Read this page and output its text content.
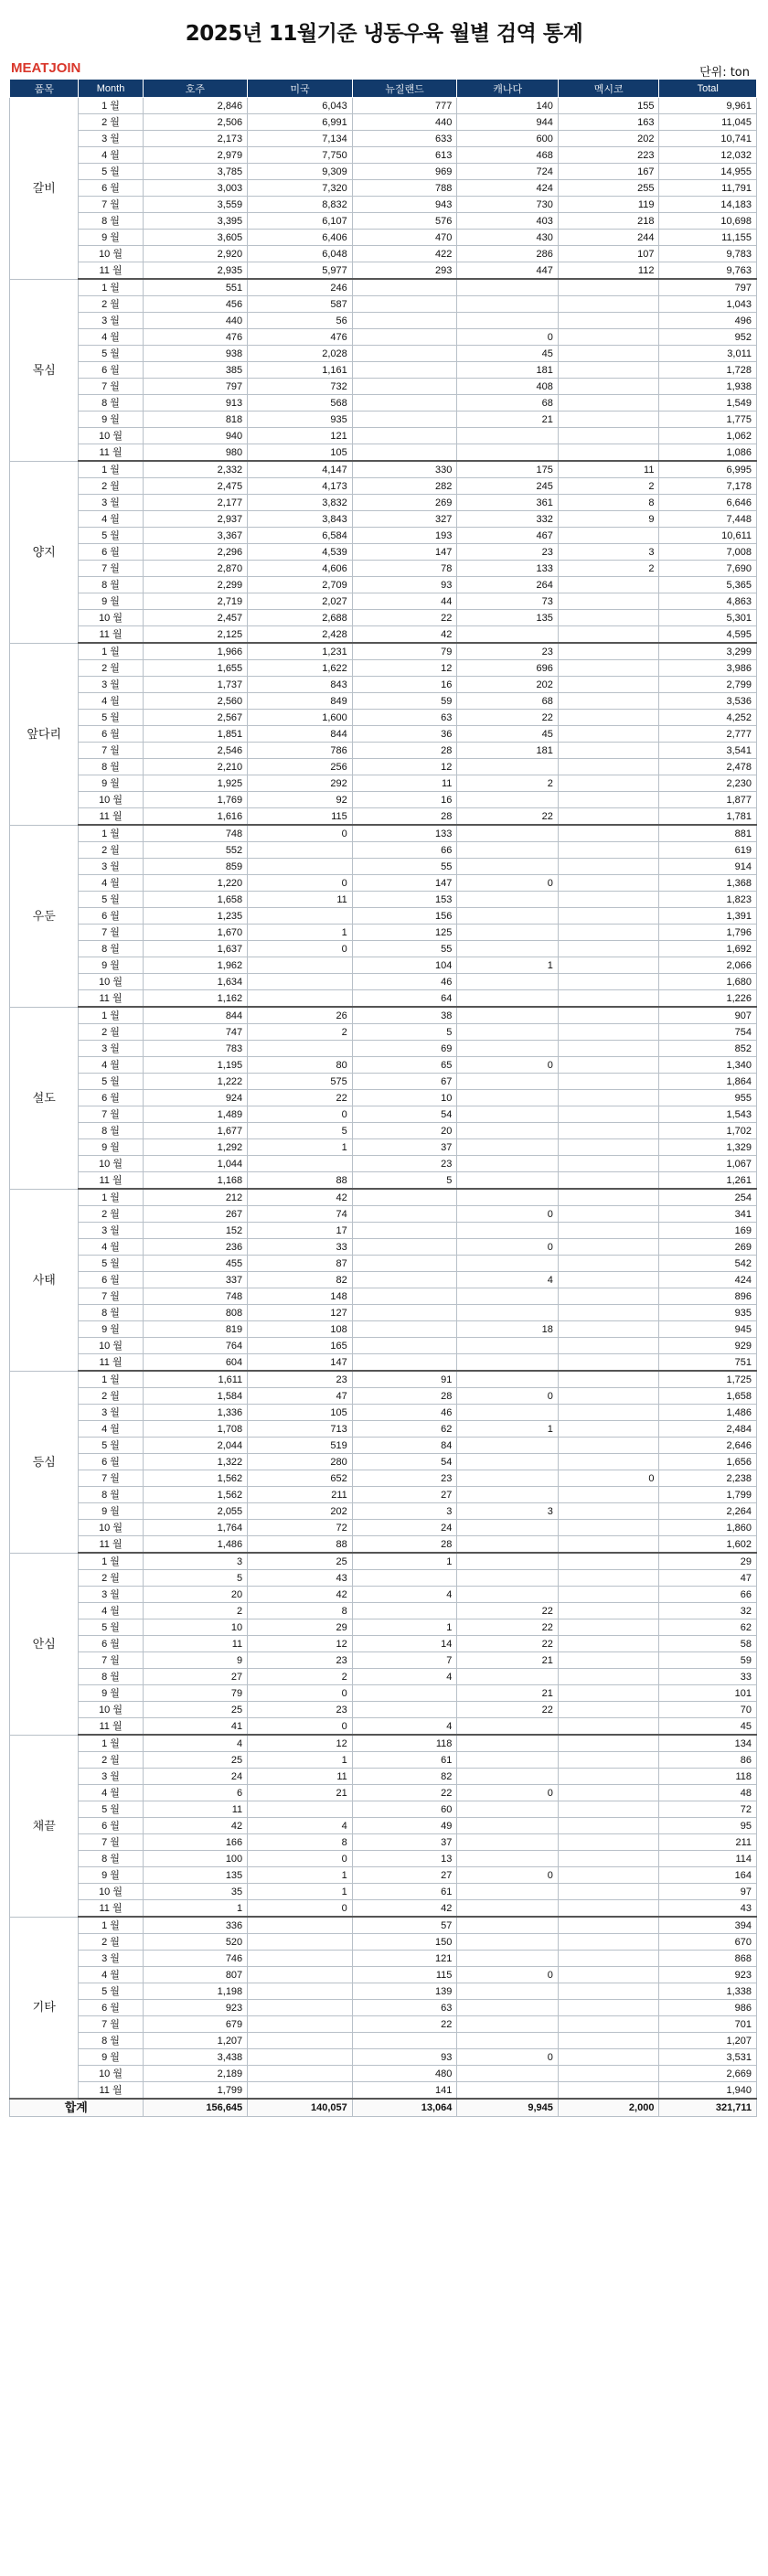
2025년 11월기준 냉동우육 월별 검역 통계
MEATJOIN	단위: ton
품목	Month	호주	미국	뉴질랜드	캐나다	멕시코	Total
갈비	1 월	2,846	6,043	777	140	155	9,961
	2 월	2,506	6,991	440	944	163	11,045
	3 월	2,173	7,134	633	600	202	10,741
	4 월	2,979	7,750	613	468	223	12,032
	5 월	3,785	9,309	969	724	167	14,955
	6 월	3,003	7,320	788	424	255	11,791
	7 월	3,559	8,832	943	730	119	14,183
	8 월	3,395	6,107	576	403	218	10,698
	9 월	3,605	6,406	470	430	244	11,155
	10 월	2,920	6,048	422	286	107	9,783
	11 월	2,935	5,977	293	447	112	9,763
목심	1 월	551	246				797
	2 월	456	587				1,043
	3 월	440	56				496
	4 월	476	476		0		952
	5 월	938	2,028		45		3,011
	6 월	385	1,161		181		1,728
	7 월	797	732		408		1,938
	8 월	913	568		68		1,549
	9 월	818	935		21		1,775
	10 월	940	121				1,062
	11 월	980	105				1,086
양지	1 월	2,332	4,147	330	175	11	6,995
	2 월	2,475	4,173	282	245	2	7,178
	3 월	2,177	3,832	269	361	8	6,646
	4 월	2,937	3,843	327	332	9	7,448
	5 월	3,367	6,584	193	467		10,611
	6 월	2,296	4,539	147	23	3	7,008
	7 월	2,870	4,606	78	133	2	7,690
	8 월	2,299	2,709	93	264		5,365
	9 월	2,719	2,027	44	73		4,863
	10 월	2,457	2,688	22	135		5,301
	11 월	2,125	2,428	42			4,595
앞다리	1 월	1,966	1,231	79	23		3,299
	2 월	1,655	1,622	12	696		3,986
	3 월	1,737	843	16	202		2,799
	4 월	2,560	849	59	68		3,536
	5 월	2,567	1,600	63	22		4,252
	6 월	1,851	844	36	45		2,777
	7 월	2,546	786	28	181		3,541
	8 월	2,210	256	12			2,478
	9 월	1,925	292	11	2		2,230
	10 월	1,769	92	16			1,877
	11 월	1,616	115	28	22		1,781
우둔	1 월	748	0	133			881
	2 월	552		66			619
	3 월	859		55			914
	4 월	1,220	0	147	0		1,368
	5 월	1,658	11	153			1,823
	6 월	1,235		156			1,391
	7 월	1,670	1	125			1,796
	8 월	1,637	0	55			1,692
	9 월	1,962		104	1		2,066
	10 월	1,634		46			1,680
	11 월	1,162		64			1,226
설도	1 월	844	26	38			907
	2 월	747	2	5			754
	3 월	783		69			852
	4 월	1,195	80	65	0		1,340
	5 월	1,222	575	67			1,864
	6 월	924	22	10			955
	7 월	1,489	0	54			1,543
	8 월	1,677	5	20			1,702
	9 월	1,292	1	37			1,329
	10 월	1,044		23			1,067
	11 월	1,168	88	5			1,261
사태	1 월	212	42				254
	2 월	267	74		0		341
	3 월	152	17				169
	4 월	236	33		0		269
	5 월	455	87				542
	6 월	337	82		4		424
	7 월	748	148				896
	8 월	808	127				935
	9 월	819	108		18		945
	10 월	764	165				929
	11 월	604	147				751
등심	1 월	1,611	23	91			1,725
	2 월	1,584	47	28	0		1,658
	3 월	1,336	105	46			1,486
	4 월	1,708	713	62	1		2,484
	5 월	2,044	519	84			2,646
	6 월	1,322	280	54			1,656
	7 월	1,562	652	23		0	2,238
	8 월	1,562	211	27			1,799
	9 월	2,055	202	3	3		2,264
	10 월	1,764	72	24			1,860
	11 월	1,486	88	28			1,602
안심	1 월	3	25	1			29
	2 월	5	43				47
	3 월	20	42	4			66
	4 월	2	8		22		32
	5 월	10	29	1	22		62
	6 월	11	12	14	22		58
	7 월	9	23	7	21		59
	8 월	27	2	4			33
	9 월	79	0		21		101
	10 월	25	23		22		70
	11 월	41	0	4			45
채끝	1 월	4	12	118			134
	2 월	25	1	61			86
	3 월	24	11	82			118
	4 월	6	21	22	0		48
	5 월	11		60			72
	6 월	42	4	49			95
	7 월	166	8	37			211
	8 월	100	0	13			114
	9 월	135	1	27	0		164
	10 월	35	1	61			97
	11 월	1	0	42			43
기타	1 월	336		57			394
	2 월	520		150			670
	3 월	746		121			868
	4 월	807		115	0		923
	5 월	1,198		139			1,338
	6 월	923		63			986
	7 월	679		22			701
	8 월	1,207					1,207
	9 월	3,438		93	0		3,531
	10 월	2,189		480			2,669
	11 월	1,799		141			1,940
합계		156,645	140,057	13,064	9,945	2,000	321,711
